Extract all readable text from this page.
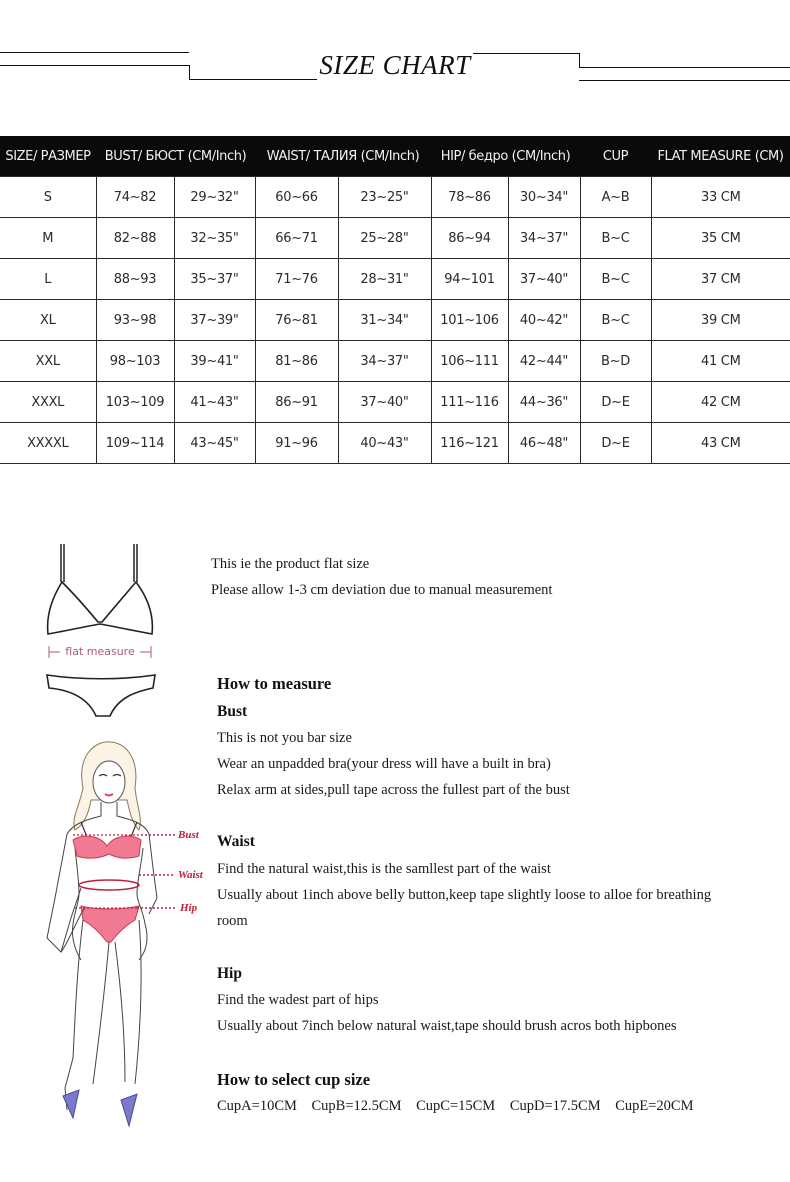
SIZE CHART
SIZE/ РАЗМЕР	BUST/ БЮСТ (CM/Inch)		WAIST/ ТАЛИЯ (CM/Inch)		HIP/ бедро (CM/Inch)		CUP	FLAT MEASURE (CM)
S	74~82	29~32"	60~66	23~25"	78~86	30~34"	A~B	33 CM
M	82~88	32~35"	66~71	25~28"	86~94	34~37"	B~C	35 CM
L	88~93	35~37"	71~76	28~31"	94~101	37~40"	B~C	37 CM
XL	93~98	37~39"	76~81	31~34"	101~106	40~42"	B~C	39 CM
XXL	98~103	39~41"	81~86	34~37"	106~111	42~44"	B~D	41 CM
XXXL	103~109	41~43"	86~91	37~40"	111~116	44~36"	D~E	42 CM
XXXXL	109~114	43~45"	91~96	40~43"	116~121	46~48"	D~E	43 CM
flat measure
This ie the product flat size
Please allow 1-3 cm deviation due to manual measurement
Bust
Waist
Hip
How to measure
Bust
This is not you bar size
Wear an unpadded bra(your dress will have a built in bra)
Relax arm at sides,pull tape across the fullest part of the bust
Waist
Find the natural waist,this is the samllest part of the waist
Usually about 1inch above belly button,keep tape slightly loose to alloe for breathing
room
Hip
Find the wadest part of hips
Usually about 7inch below natural waist,tape should brush acros both hipbones
How to select cup size
CupA=10CM CupB=12.5CM CupC=15CM CupD=17.5CM CupE=20CM
